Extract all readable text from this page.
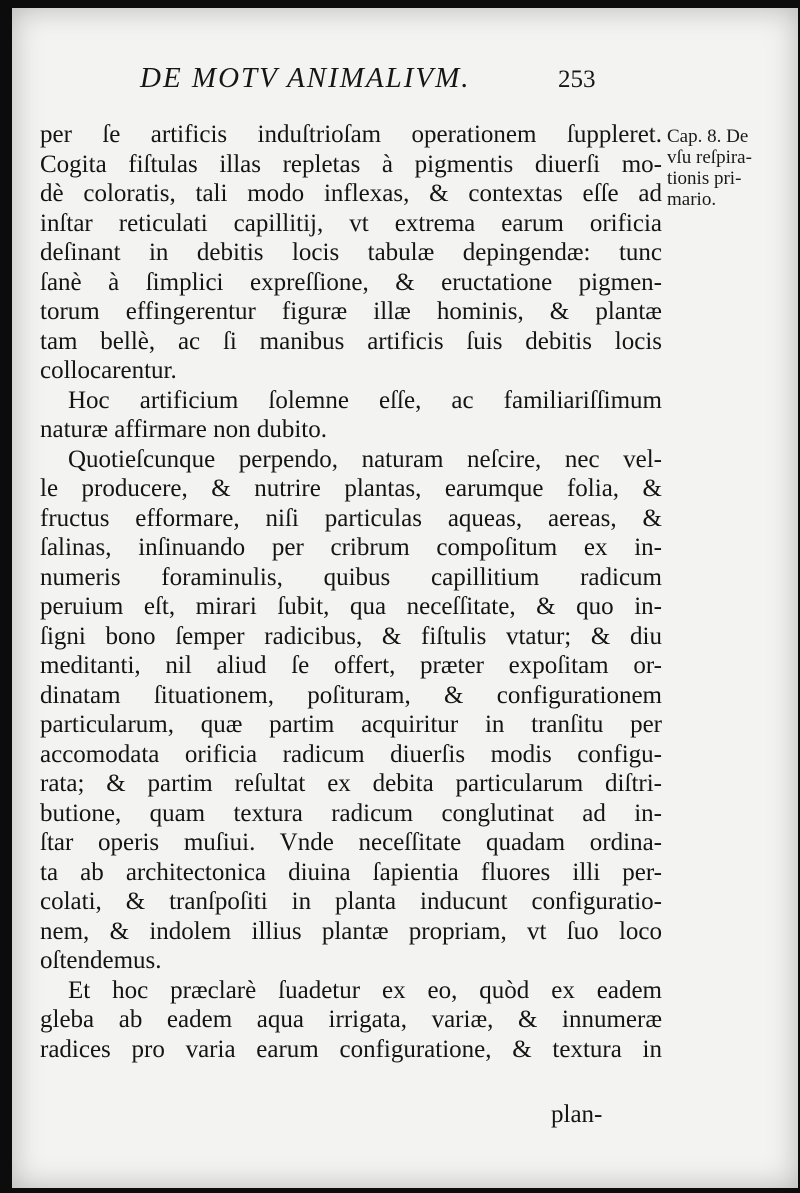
DE MOTV ANIMALIVM.	253
Cap. 8. De
vſu reſpira-
tionis pri-
mario.
per ſe artificis induſtrioſam operationem ſuppleret.
Cogita fiſtulas illas repletas à pigmentis diuerſi mo-
dè coloratis, tali modo inflexas, & contextas eſſe ad
inſtar reticulati capillitij, vt extrema earum orificia
deſinant in debitis locis tabulæ depingendæ: tunc
ſanè à ſimplici expreſſione, & eructatione pigmen-
torum effingerentur figuræ illæ hominis, & plantæ
tam bellè, ac ſi manibus artificis ſuis debitis locis
collocarentur.
Hoc artificium ſolemne eſſe, ac familiariſſimum
naturæ affirmare non dubito.
Quotieſcunque perpendo, naturam neſcire, nec vel-
le producere, & nutrire plantas, earumque folia, &
fructus efformare, niſi particulas aqueas, aereas, &
ſalinas, inſinuando per cribrum compoſitum ex in-
numeris foraminulis, quibus capillitium radicum
peruium eſt, mirari ſubit, qua neceſſitate, & quo in-
ſigni bono ſemper radicibus, & fiſtulis vtatur; & diu
meditanti, nil aliud ſe offert, præter expoſitam or-
dinatam ſituationem, poſituram, & configurationem
particularum, quæ partim acquiritur in tranſitu per
accomodata orificia radicum diuerſis modis configu-
rata; & partim reſultat ex debita particularum diſtri-
butione, quam textura radicum conglutinat ad in-
ſtar operis muſiui. Vnde neceſſitate quadam ordina-
ta ab architectonica diuina ſapientia fluores illi per-
colati, & tranſpoſiti in planta inducunt configuratio-
nem, & indolem illius plantæ propriam, vt ſuo loco
oſtendemus.
Et hoc præclarè ſuadetur ex eo, quòd ex eadem
gleba ab eadem aqua irrigata, variæ, & innumeræ
radices pro varia earum configuratione, & textura in
plan-
